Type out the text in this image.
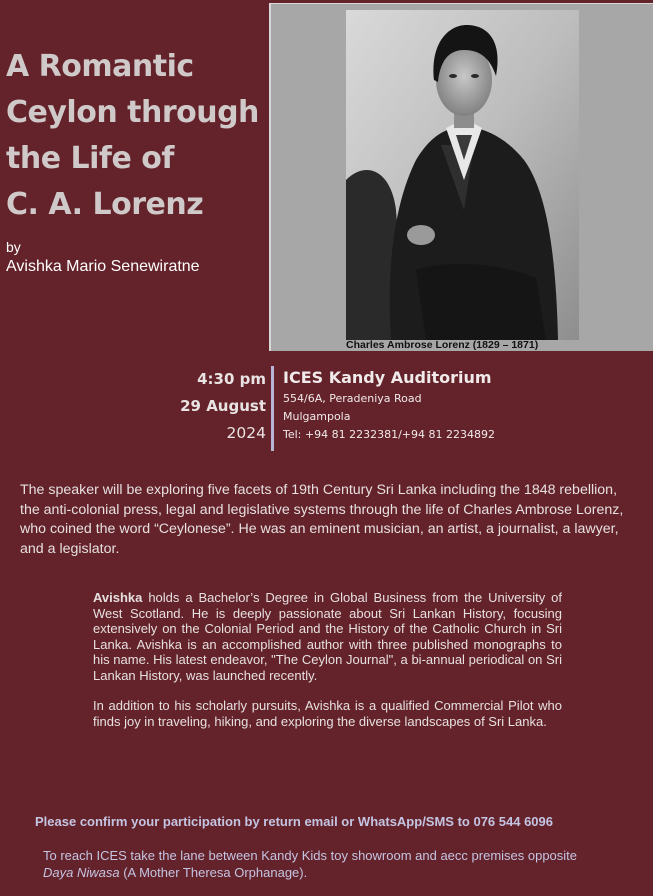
A Romantic
Ceylon through
the Life of
C. A. Lorenz
by
Avishka Mario Senewiratne
Charles Ambrose Lorenz (1829 – 1871)
4:30 pm
29 August
2024
ICES Kandy Auditorium
554/6A, Peradeniya Road
Mulgampola
Tel: +94 81 2232381/+94 81 2234892

The speaker will be exploring five facets of 19th Century Sri Lanka including the 1848 rebellion, the anti-colonial press, legal and legislative systems through the life of Charles Ambrose Lorenz, who coined the word “Ceylonese”. He was an eminent musician, an artist, a journalist, a lawyer, and a legislator.

Avishka holds a Bachelor’s Degree in Global Business from the University of West Scotland. He is deeply passionate about Sri Lankan History, focusing extensively on the Colonial Period and the History of the Catholic Church in Sri Lanka. Avishka is an accomplished author with three published monographs to his name. His latest endeavor, "The Ceylon Journal", a bi-annual periodical on Sri Lankan History, was launched recently.

In addition to his scholarly pursuits, Avishka is a qualified Commercial Pilot who finds joy in traveling, hiking, and exploring the diverse landscapes of Sri Lanka.

Please confirm your participation by return email or WhatsApp/SMS to 076 544 6096
To reach ICES take the lane between Kandy Kids toy showroom and aecc premises opposite Daya Niwasa (A Mother Theresa Orphanage).
